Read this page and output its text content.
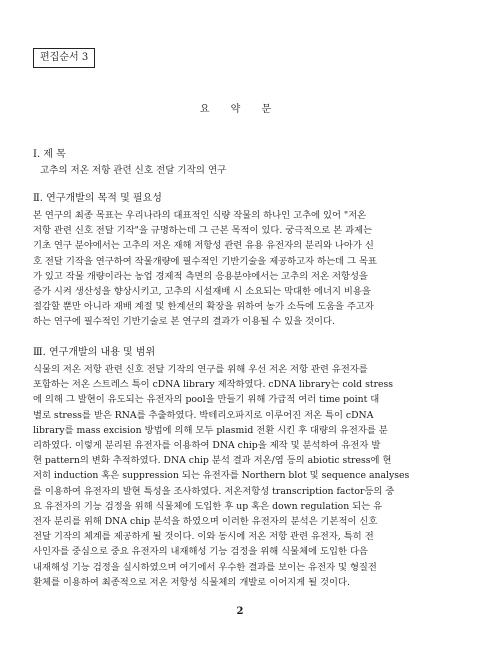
편집순서 3
요 약 문
Ⅰ. 제 목
고추의 저온 저항 관련 신호 전달 기작의 연구
Ⅱ. 연구개발의 목적 및 필요성
본 연구의 최종 목표는 우리나라의 대표적인 식량 작물의 하나인 고추에 있어 "저온
저항 관련 신호 전달 기작"을 규명하는데 그 근본 목적이 있다. 궁극적으로 본 과제는
기초 연구 분야에서는 고추의 저온 재해 저항성 관련 유용 유전자의 분리와 나아가 신
호 전달 기작을 연구하여 작물개량에 필수적인 기반기술을 제공하고자 하는데 그 목표
가 있고 작물 개량이라는 농업 경제적 측면의 응용분야에서는 고추의 저온 저항성을
증가 시켜 생산성을 향상시키고, 고추의 시설재배 시 소요되는 막대한 에너지 비용을
절감할 뿐만 아니라 재배 계절 및 한계선의 확장을 위하여 농가 소득에 도움을 주고자
하는 연구에 필수적인 기반기술로 본 연구의 결과가 이용될 수 있을 것이다.
Ⅲ. 연구개발의 내용 및 범위
식물의 저온 저항 관련 신호 전달 기작의 연구를 위해 우선 저온 저항 관련 유전자를
포함하는 저온 스트레스 특이 cDNA library 제작하였다. cDNA library는 cold stress
에 의해 그 발현이 유도되는 유전자의 pool을 만들기 위해 가급적 여러 time point 대
별로 stress를 받은 RNA를 추출하였다. 박테리오파지로 이루어진 저온 특이 cDNA
library를 mass excision 방법에 의해 모두 plasmid 전환 시킨 후 대량의 유전자를 분
리하였다. 이렇게 분리된 유전자를 이용하여 DNA chip을 제작 및 분석하여 유전자 발
현 pattern의 변화 추적하였다. DNA chip 분석 결과 저온/염 등의 abiotic stress에 현
저히 induction 혹은 suppression 되는 유전자를 Northern blot 및 sequence analyses
를 이용하여 유전자의 발현 특성을 조사하였다. 저온저항성 transcription factor등의 중
요 유전자의 기능 검정을 위해 식물체에 도입한 후 up 혹은 down regulation 되는 유
전자 분리를 위해 DNA chip 분석을 하였으며 이러한 유전자의 분석은 기본적이 신호
전달 기작의 체계를 제공하게 될 것이다. 이와 동시에 저온 저항 관련 유전자, 특히 전
사인자를 중심으로 중요 유전자의 내재해성 기능 검정을 위해 식물체에 도입한 다음
내재해성 기능 검정을 실시하였으며 여기에서 우수한 결과를 보이는 유전자 및 형질전
환체를 이용하여 최종적으로 저온 저항성 식물체의 개발로 이어지게 될 것이다.
2
